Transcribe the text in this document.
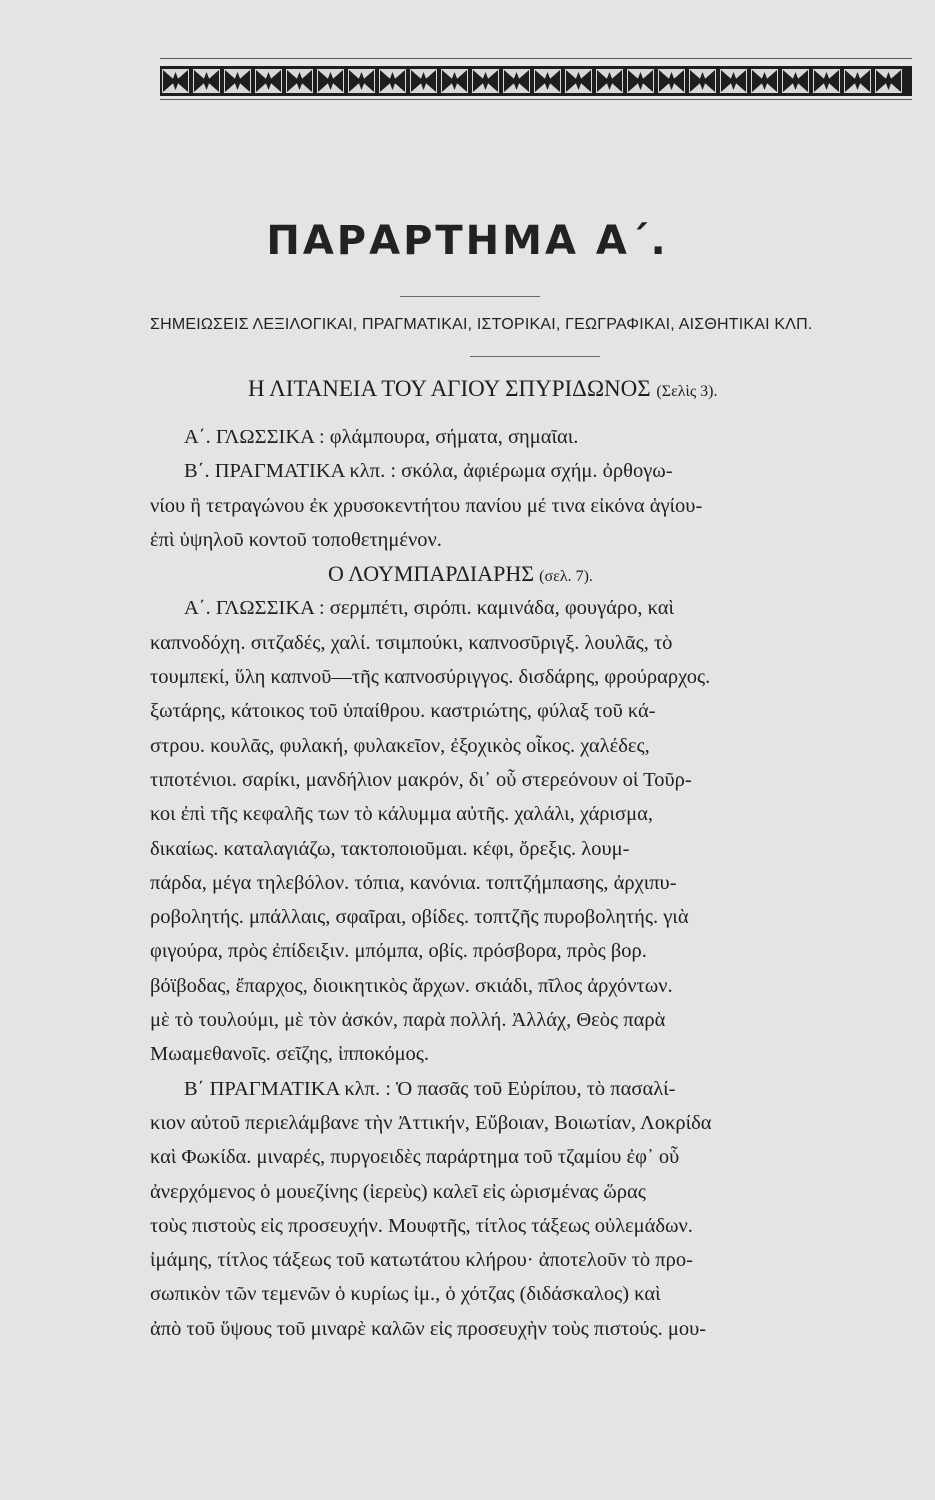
ΠΑΡΑΡΤΗΜΑ Α΄.
ΣΗΜΕΙΩΣΕΙΣ ΛΕΞΙΛΟΓΙΚΑΙ, ΠΡΑΓΜΑΤΙΚΑΙ, ΙΣΤΟΡΙΚΑΙ, ΓΕΩΓΡΑΦΙΚΑΙ, ΑΙΣΘΗΤΙΚΑΙ ΚΛΠ.
Η ΛΙΤΑΝΕΙΑ ΤΟΥ ΑΓΙΟΥ ΣΠΥΡΙΔΩΝΟΣ (Σελὶς 3).
Α΄. ΓΛΩΣΣΙΚΑ : φλάμπουρα, σήματα, σημαῖαι.
Β΄. ΠΡΑΓΜΑΤΙΚΑ κλπ. : σκόλα, ἀφιέρωμα σχήμ. ὀρθογω-
νίου ἢ τετραγώνου ἐκ χρυσοκεντήτου πανίου μέ τινα εἰκόνα ἁγίου-
ἐπὶ ὑψηλοῦ κοντοῦ τοποθετημένον.
Ο ΛΟΥΜΠΑΡΔΙΑΡΗΣ (σελ. 7).
Α΄. ΓΛΩΣΣΙΚΑ : σερμπέτι, σιρόπι. καμινάδα, φουγάρο, καὶ
καπνοδόχη. σιτζαδές, χαλί. τσιμπούκι, καπνοσῦριγξ. λουλᾶς, τὸ
τουμπεκί, ὕλη καπνοῦ—τῆς καπνοσύριγγος. δισδάρης, φρούραρχος.
ξωτάρης, κάτοικος τοῦ ὑπαίθρου. καστριώτης, φύλαξ τοῦ κά-
στρου. κουλᾶς, φυλακή, φυλακεῖον, ἐξοχικὸς οἶκος. χαλέδες,
τιποτένιοι. σαρίκι, μανδήλιον μακρόν, δι᾽ οὗ στερεόνουν οἱ Τοῦρ-
κοι ἐπὶ τῆς κεφαλῆς των τὸ κάλυμμα αὐτῆς. χαλάλι, χάρισμα,
δικαίως. καταλαγιάζω, τακτοποιοῦμαι. κέφι, ὄρεξις. λουμ-
πάρδα, μέγα τηλεβόλον. τόπια, κανόνια. τοπτζήμπασης, ἀρχιπυ-
ροβολητής. μπάλλαις, σφαῖραι, οβίδες. τοπτζῆς πυροβολητής. γιὰ
φιγούρα, πρὸς ἐπίδειξιν. μπόμπα, οβίς. πρόσβορα, πρὸς βορ.
βόϊβοδας, ἔπαρχος, διοικητικὸς ἄρχων. σκιάδι, πῖλος ἀρχόντων.
μὲ τὸ τουλούμι, μὲ τὸν ἀσκόν, παρὰ πολλή. Ἀλλάχ, Θεὸς παρὰ
Μωαμεθανοῖς. σεῖζης, ἱπποκόμος.
Β΄ ΠΡΑΓΜΑΤΙΚΑ κλπ. : Ὁ πασᾶς τοῦ Εὐρίπου, τὸ πασαλί-
κιον αὐτοῦ περιελάμβανε τὴν Ἀττικήν, Εὔβοιαν, Βοιωτίαν, Λοκρίδα
καὶ Φωκίδα. μιναρές, πυργοειδὲς παράρτημα τοῦ τζαμίου ἐφ᾽ οὗ
ἀνερχόμενος ὁ μουεζίνης (ἱερεὺς) καλεῖ εἰς ὡρισμένας ὥρας
τοὺς πιστοὺς εἰς προσευχήν. Μουφτῆς, τίτλος τάξεως οὐλεμάδων.
ἰμάμης, τίτλος τάξεως τοῦ κατωτάτου κλήρου· ἀποτελοῦν τὸ προ-
σωπικὸν τῶν τεμενῶν ὁ κυρίως ἰμ., ὁ χότζας (διδάσκαλος) καὶ
ἀπὸ τοῦ ὕψους τοῦ μιναρὲ καλῶν εἰς προσευχὴν τοὺς πιστούς. μου-
